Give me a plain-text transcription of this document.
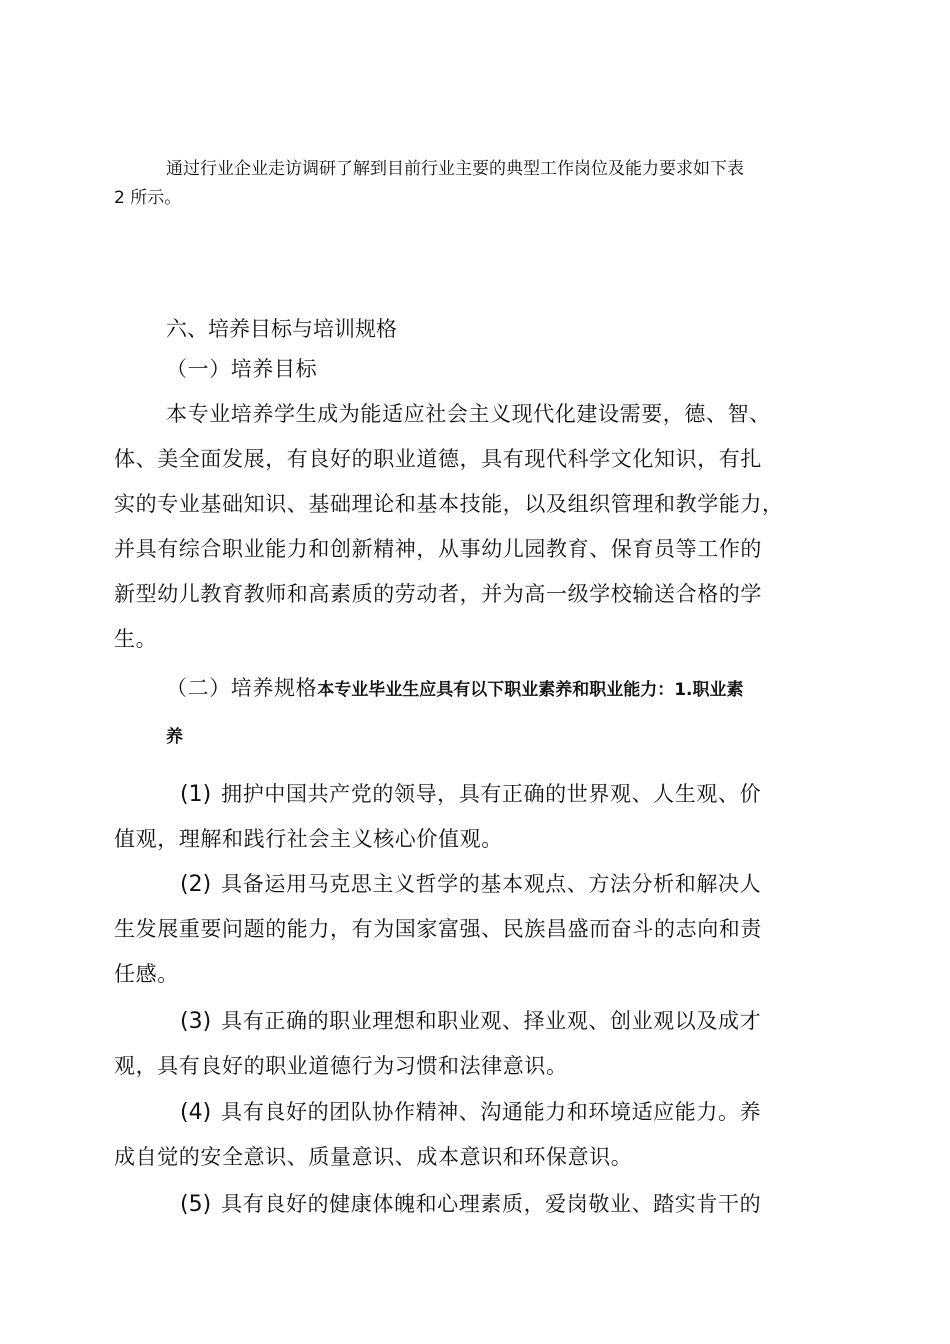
通过行业企业走访调研了解到目前行业主要的典型工作岗位及能力要求如下表
2 所示。
六、培养目标与培训规格
（一）培养目标
本专业培养学生成为能适应社会主义现代化建设需要，德、智、
体、美全面发展，有良好的职业道德，具有现代科学文化知识，有扎
实的专业基础知识、基础理论和基本技能，以及组织管理和教学能力，
并具有综合职业能力和创新精神，从事幼儿园教育、保育员等工作的
新型幼儿教育教师和高素质的劳动者，并为高一级学校输送合格的学
生。
（二）培养规格本专业毕业生应具有以下职业素养和职业能力：1.职业素
养
(1) 拥护中国共产党的领导，具有正确的世界观、人生观、价
值观，理解和践行社会主义核心价值观。
(2) 具备运用马克思主义哲学的基本观点、方法分析和解决人
生发展重要问题的能力，有为国家富强、民族昌盛而奋斗的志向和责
任感。
(3) 具有正确的职业理想和职业观、择业观、创业观以及成才
观，具有良好的职业道德行为习惯和法律意识。
(4) 具有良好的团队协作精神、沟通能力和环境适应能力。养
成自觉的安全意识、质量意识、成本意识和环保意识。
(5) 具有良好的健康体魄和心理素质，爱岗敬业、踏实肯干的
